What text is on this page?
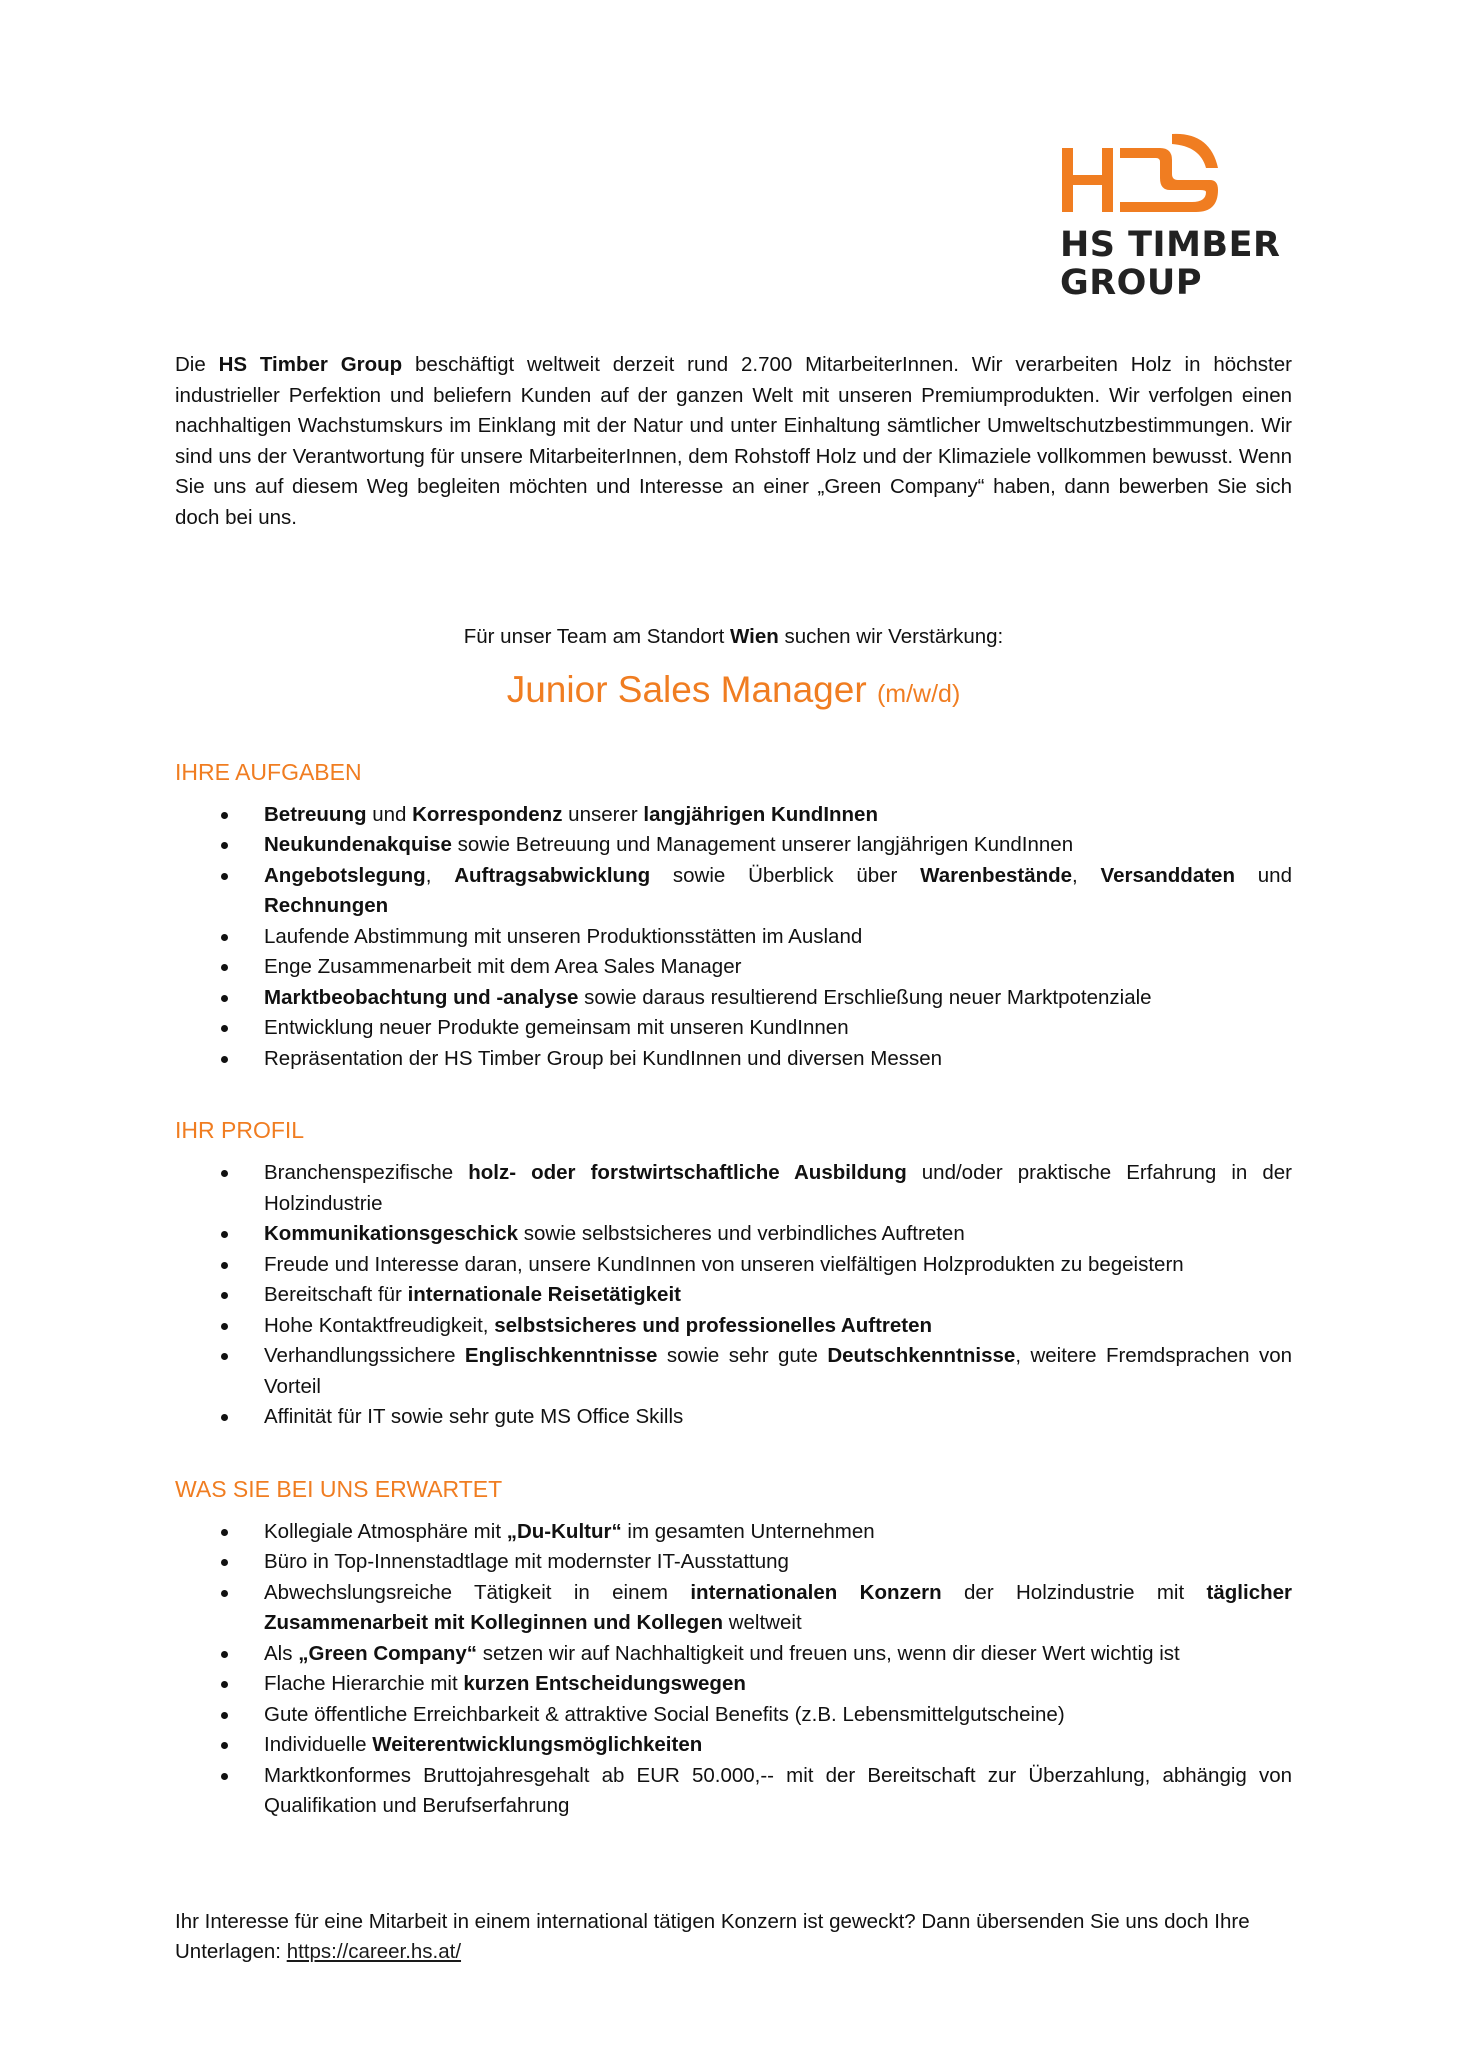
HS TIMBER
GROUP

Die HS Timber Group beschäftigt weltweit derzeit rund 2.700 MitarbeiterInnen. Wir verarbeiten Holz in höchster industrieller Perfektion und beliefern Kunden auf der ganzen Welt mit unseren Premiumprodukten. Wir verfolgen einen nachhaltigen Wachstumskurs im Einklang mit der Natur und unter Einhaltung sämtlicher Umweltschutzbestimmungen. Wir sind uns der Verantwortung für unsere MitarbeiterInnen, dem Rohstoff Holz und der Klimaziele vollkommen bewusst. Wenn Sie uns auf diesem Weg begleiten möchten und Interesse an einer „Green Company“ haben, dann bewerben Sie sich doch bei uns.

Für unser Team am Standort Wien suchen wir Verstärkung:
Junior Sales Manager (m/w/d)
IHRE AUFGABEN
Betreuung und Korrespondenz unserer langjährigen KundInnen
Neukundenakquise sowie Betreuung und Management unserer langjährigen KundInnen
Angebotslegung, Auftragsabwicklung sowie Überblick über Warenbestände, Versanddaten und Rechnungen
Laufende Abstimmung mit unseren Produktionsstätten im Ausland
Enge Zusammenarbeit mit dem Area Sales Manager
Marktbeobachtung und -analyse sowie daraus resultierend Erschließung neuer Marktpotenziale
Entwicklung neuer Produkte gemeinsam mit unseren KundInnen
Repräsentation der HS Timber Group bei KundInnen und diversen Messen
IHR PROFIL
Branchenspezifische holz- oder forstwirtschaftliche Ausbildung und/oder praktische Erfahrung in der Holzindustrie
Kommunikationsgeschick sowie selbstsicheres und verbindliches Auftreten
Freude und Interesse daran, unsere KundInnen von unseren vielfältigen Holzprodukten zu begeistern
Bereitschaft für internationale Reisetätigkeit
Hohe Kontaktfreudigkeit, selbstsicheres und professionelles Auftreten
Verhandlungssichere Englischkenntnisse sowie sehr gute Deutschkenntnisse, weitere Fremdsprachen von Vorteil
Affinität für IT sowie sehr gute MS Office Skills
WAS SIE BEI UNS ERWARTET
Kollegiale Atmosphäre mit „Du-Kultur“ im gesamten Unternehmen
Büro in Top-Innenstadtlage mit modernster IT-Ausstattung
Abwechslungsreiche Tätigkeit in einem internationalen Konzern der Holzindustrie mit täglicher Zusammenarbeit mit Kolleginnen und Kollegen weltweit
Als „Green Company“ setzen wir auf Nachhaltigkeit und freuen uns, wenn dir dieser Wert wichtig ist
Flache Hierarchie mit kurzen Entscheidungswegen
Gute öffentliche Erreichbarkeit & attraktive Social Benefits (z.B. Lebensmittelgutscheine)
Individuelle Weiterentwicklungsmöglichkeiten
Marktkonformes Bruttojahresgehalt ab EUR 50.000,-- mit der Bereitschaft zur Überzahlung, abhängig von Qualifikation und Berufserfahrung
Ihr Interesse für eine Mitarbeit in einem international tätigen Konzern ist geweckt? Dann übersenden Sie uns doch Ihre Unterlagen: https://career.hs.at/
